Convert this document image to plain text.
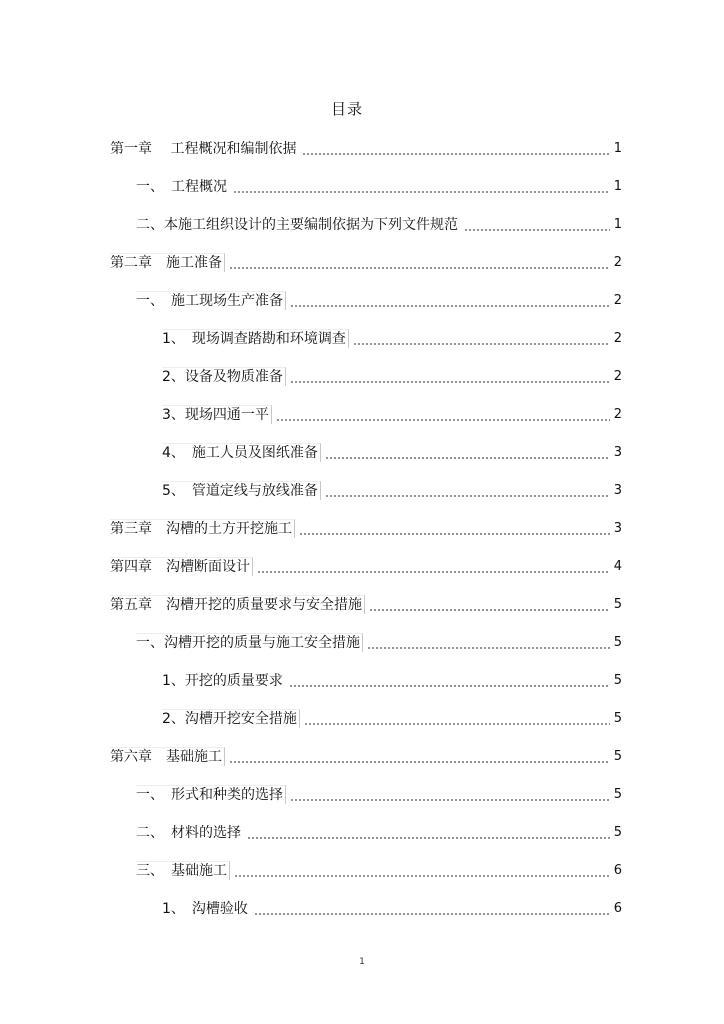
目录
第一章　 工程概况和编制依据	1
一、　工程概况	1
二、本施工组织设计的主要编制依据为下列文件规范	1
第二章　施工准备	2
一、　施工现场生产准备	2
1、　现场调查踏勘和环境调查	2
2、设备及物质准备	2
3、现场四通一平	2
4、　施工人员及图纸准备	3
5、　管道定线与放线准备	3
第三章　沟槽的土方开挖施工	3
第四章　沟槽断面设计	4
第五章　沟槽开挖的质量要求与安全措施	5
一、沟槽开挖的质量与施工安全措施	5
1、开挖的质量要求	5
2、沟槽开挖安全措施	5
第六章　基础施工	5
一、　形式和种类的选择	5
二、　材料的选择	5
三、　基础施工	6
1、　沟槽验收	6
1
